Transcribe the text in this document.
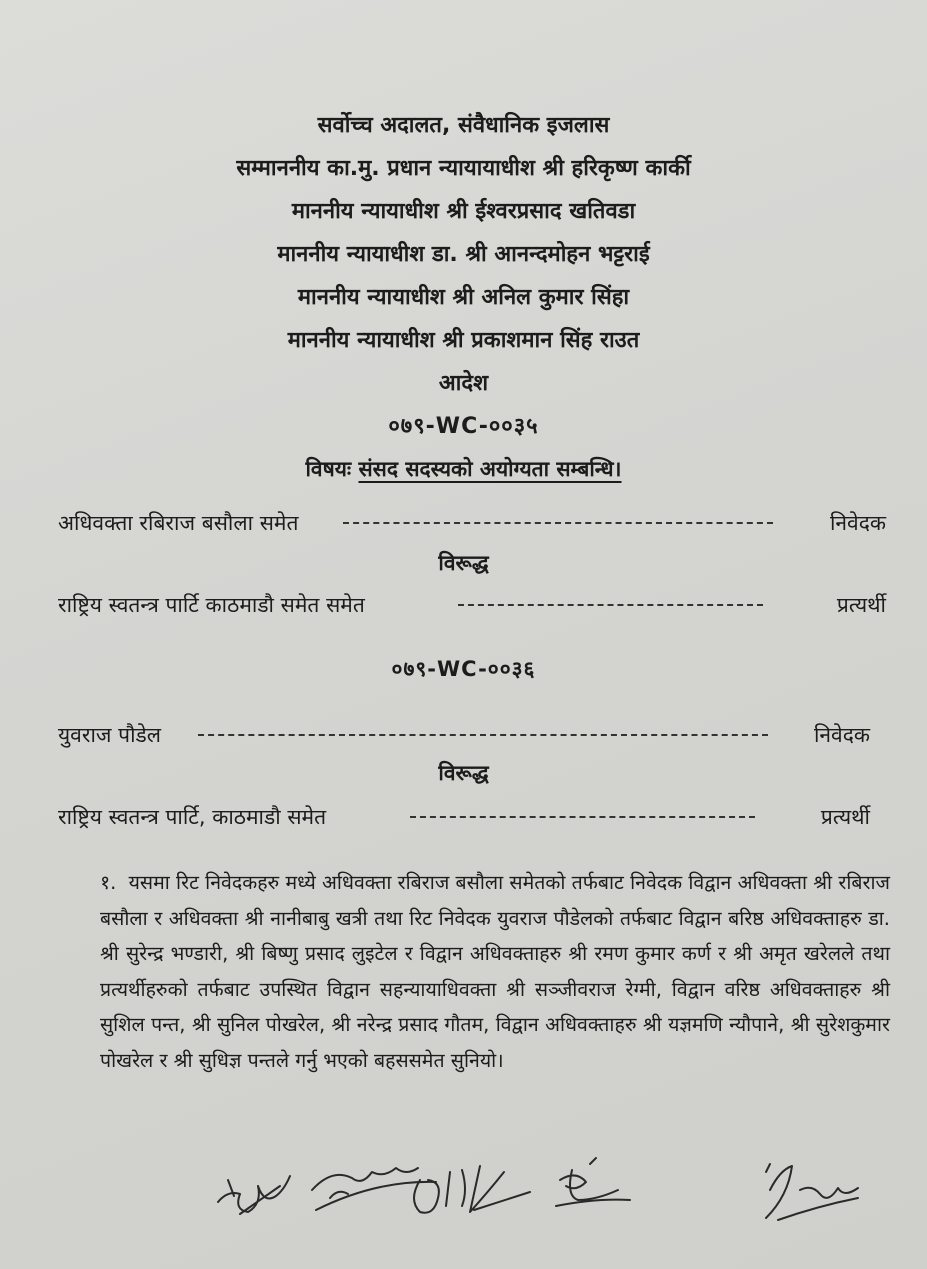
सर्वोच्च अदालत, संवैधानिक इजलास
सम्माननीय का.मु. प्रधान न्यायायाधीश श्री हरिकृष्ण कार्की
माननीय न्यायाधीश श्री ईश्वरप्रसाद खतिवडा
माननीय न्यायाधीश डा. श्री आनन्दमोहन भट्टराई
माननीय न्यायाधीश श्री अनिल कुमार सिंहा
माननीय न्यायाधीश श्री प्रकाशमान सिंह राउत
आदेश
०७९-WC-००३५
विषयः संसद सदस्यको अयोग्यता सम्बन्धि।
अधिवक्ता रबिराज बसौला समेत	निवेदक
विरूद्ध
राष्ट्रिय स्वतन्त्र पार्टि काठमाडौ समेत समेत	प्रत्यर्थी
०७९-WC-००३६
युवराज पौडेल	निवेदक
विरूद्ध
राष्ट्रिय स्वतन्त्र पार्टि, काठमाडौ समेत	प्रत्यर्थी
१. यसमा रिट निवेदकहरु मध्ये अधिवक्ता रबिराज बसौला समेतको तर्फबाट निवेदक विद्वान अधिवक्ता श्री रबिराज बसौला र अधिवक्ता श्री नानीबाबु खत्री तथा रिट निवेदक युवराज पौडेलको तर्फबाट विद्वान बरिष्ठ अधिवक्ताहरु डा. श्री सुरेन्द्र भण्डारी, श्री बिष्णु प्रसाद लुइटेल र विद्वान अधिवक्ताहरु श्री रमण कुमार कर्ण र श्री अमृत खरेलले तथा प्रत्यर्थीहरुको तर्फबाट उपस्थित विद्वान सहन्यायाधिवक्ता श्री सञ्जीवराज रेग्मी, विद्वान वरिष्ठ अधिवक्ताहरु श्री सुशिल पन्त, श्री सुनिल पोखरेल, श्री नरेन्द्र प्रसाद गौतम, विद्वान अधिवक्ताहरु श्री यज्ञमणि न्यौपाने, श्री सुरेशकुमार पोखरेल र श्री सुधिज्ञ पन्तले गर्नु भएको बहससमेत सुनियो।
